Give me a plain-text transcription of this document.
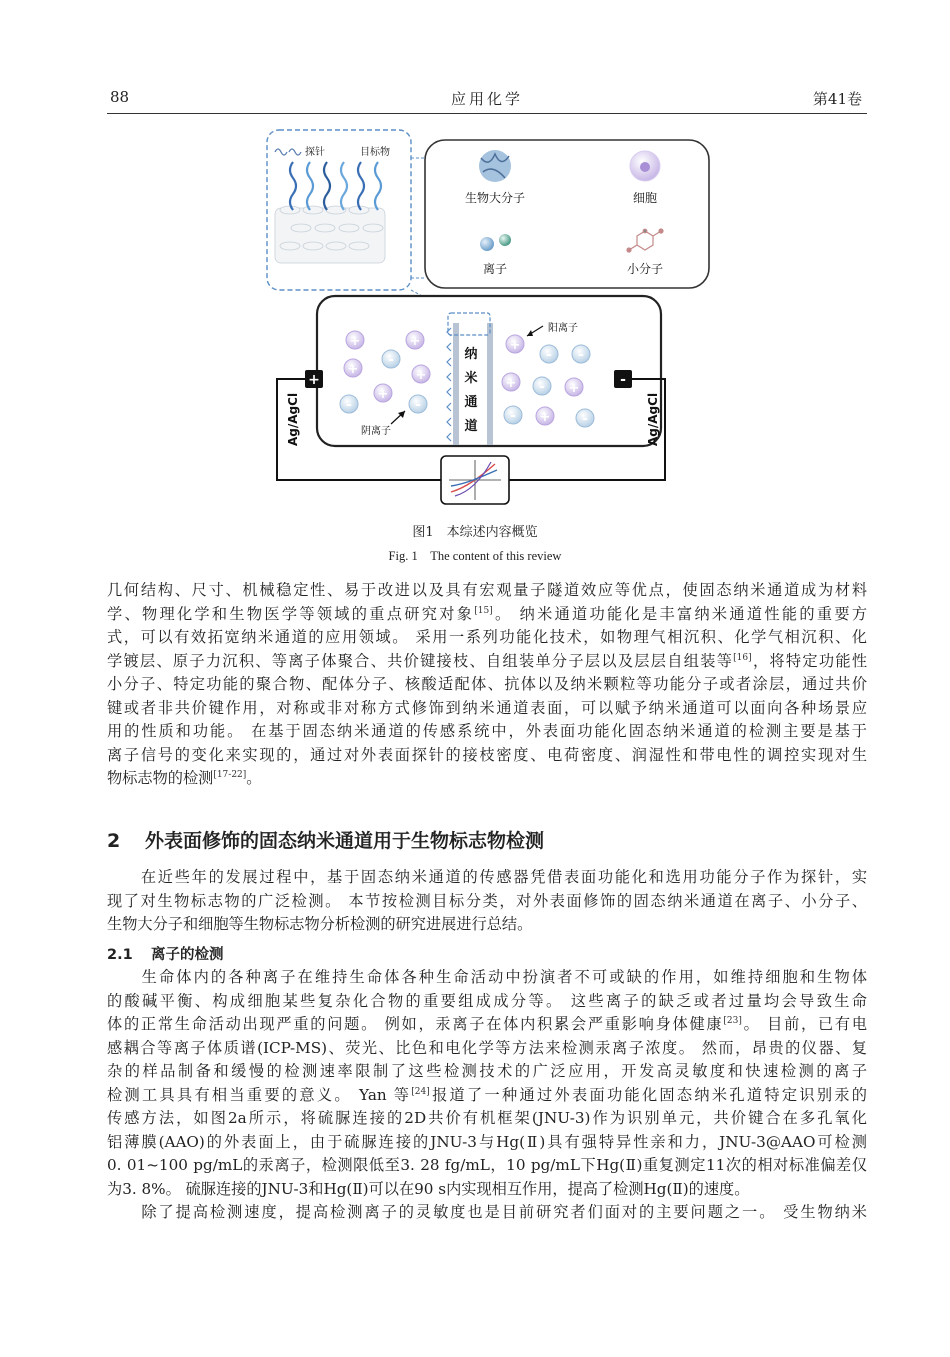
88	应用化学	第41卷
探针	目标物
生物大分子	细胞
离子	小分子
纳
米
通
道
+	+
+	+
+
+
+	+
+
-
-	-
- -
-
-	-
阳离子
阴离子
+	-
Ag/AgCl	Ag/AgCl
图1　本综述内容概览
Fig. 1　The content of this review
几何结构、尺寸、机械稳定性、易于改进以及具有宏观量子隧道效应等优点，使固态纳米通道成为材料
学、物理化学和生物医学等领域的重点研究对象[15]。 纳米通道功能化是丰富纳米通道性能的重要方
式，可以有效拓宽纳米通道的应用领域。 采用一系列功能化技术，如物理气相沉积、化学气相沉积、化
学镀层、原子力沉积、等离子体聚合、共价键接枝、自组装单分子层以及层层自组装等[16]，将特定功能性
小分子、特定功能的聚合物、配体分子、核酸适配体、抗体以及纳米颗粒等功能分子或者涂层，通过共价
键或者非共价键作用，对称或非对称方式修饰到纳米通道表面，可以赋予纳米通道可以面向各种场景应
用的性质和功能。 在基于固态纳米通道的传感系统中，外表面功能化固态纳米通道的检测主要是基于
离子信号的变化来实现的，通过对外表面探针的接枝密度、电荷密度、润湿性和带电性的调控实现对生
物标志物的检测[17-22]。
2 外表面修饰的固态纳米通道用于生物标志物检测
　　在近些年的发展过程中，基于固态纳米通道的传感器凭借表面功能化和选用功能分子作为探针，实
现了对生物标志物的广泛检测。 本节按检测目标分类，对外表面修饰的固态纳米通道在离子、小分子、
生物大分子和细胞等生物标志物分析检测的研究进展进行总结。
2.1 离子的检测
　　生命体内的各种离子在维持生命体各种生命活动中扮演者不可或缺的作用，如维持细胞和生物体
的酸碱平衡、构成细胞某些复杂化合物的重要组成成分等。 这些离子的缺乏或者过量均会导致生命
体的正常生命活动出现严重的问题。 例如，汞离子在体内积累会严重影响身体健康[23]。 目前，已有电
感耦合等离子体质谱(ICP-MS)、荧光、比色和电化学等方法来检测汞离子浓度。 然而，昂贵的仪器、复
杂的样品制备和缓慢的检测速率限制了这些检测技术的广泛应用，开发高灵敏度和快速检测的离子
检测工具具有相当重要的意义。 Yan 等[24]报道了一种通过外表面功能化固态纳米孔道特定识别汞的
传感方法，如图2a所示，将硫脲连接的2D共价有机框架(JNU-3)作为识别单元，共价键合在多孔氧化
铝薄膜(AAO)的外表面上，由于硫脲连接的JNU-3与Hg(Ⅱ)具有强特异性亲和力，JNU-3@AAO可检测
0. 01~100 pg/mL的汞离子，检测限低至3. 28 fg/mL，10 pg/mL下Hg(Ⅱ)重复测定11次的相对标准偏差仅
为3. 8%。 硫脲连接的JNU-3和Hg(Ⅱ)可以在90 s内实现相互作用，提高了检测Hg(Ⅱ)的速度。
　　除了提高检测速度，提高检测离子的灵敏度也是目前研究者们面对的主要问题之一。 受生物纳米
